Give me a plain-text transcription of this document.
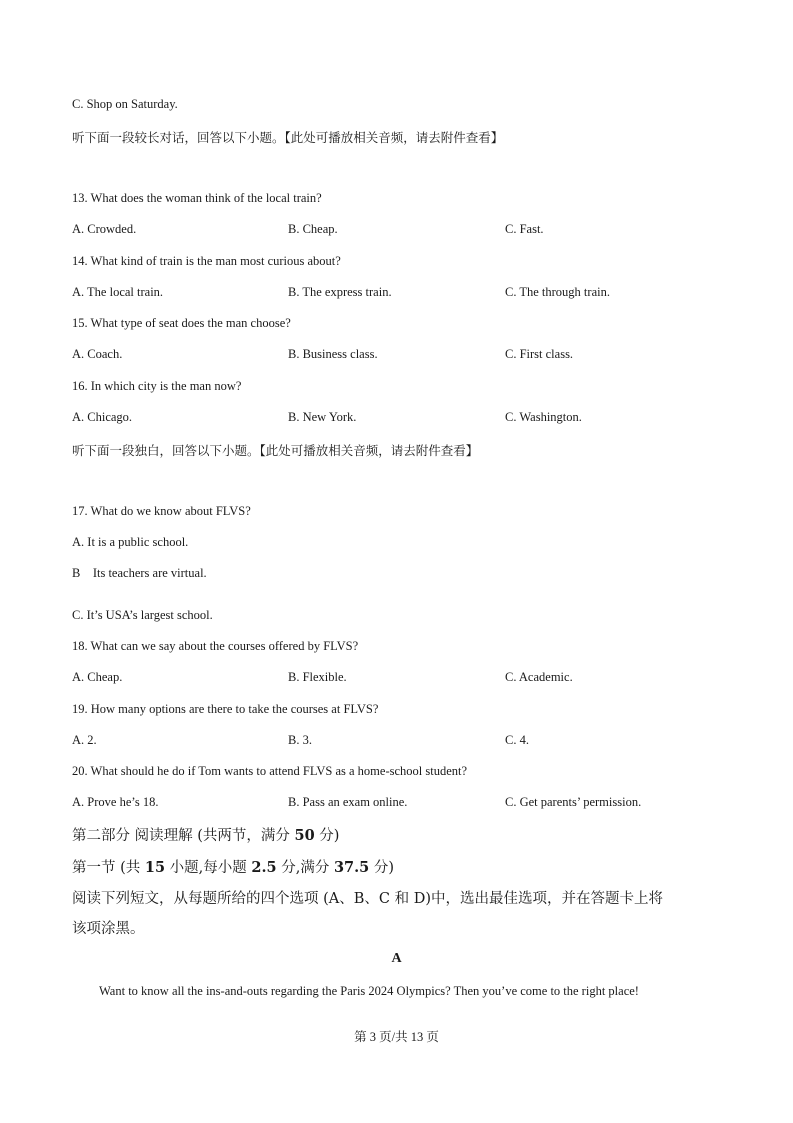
C. Shop on Saturday.
听下面一段较长对话，回答以下小题。【此处可播放相关音频，请去附件查看】
13. What does the woman think of the local train?
A. Crowded.	B. Cheap.	C. Fast.
14. What kind of train is the man most curious about?
A. The local train.	B. The express train.	C. The through train.
15. What type of seat does the man choose?
A. Coach.	B. Business class.	C. First class.
16. In which city is the man now?
A. Chicago.	B. New York.	C. Washington.
听下面一段独白，回答以下小题。【此处可播放相关音频，请去附件查看】
17. What do we know about FLVS?
A. It is a public school.
B    Its teachers are virtual.
C. It’s USA’s largest school.
18. What can we say about the courses offered by FLVS?
A. Cheap.	B. Flexible.	C. Academic.
19. How many options are there to take the courses at FLVS?
A. 2.	B. 3.	C. 4.
20. What should he do if Tom wants to attend FLVS as a home-school student?
A. Prove he’s 18.	B. Pass an exam online.	C. Get parents’ permission.
第二部分 阅读理解 (共两节，满分 50 分)
第一节 (共 15 小题,每小题 2.5 分,满分 37.5 分)
阅读下列短文，从每题所给的四个选项 (A、B、C 和 D)中，选出最佳选项，并在答题卡上将
该项涂黑。
A
Want to know all the ins-and-outs regarding the Paris 2024 Olympics? Then you’ve come to the right place!
第 3 页/共 13 页
